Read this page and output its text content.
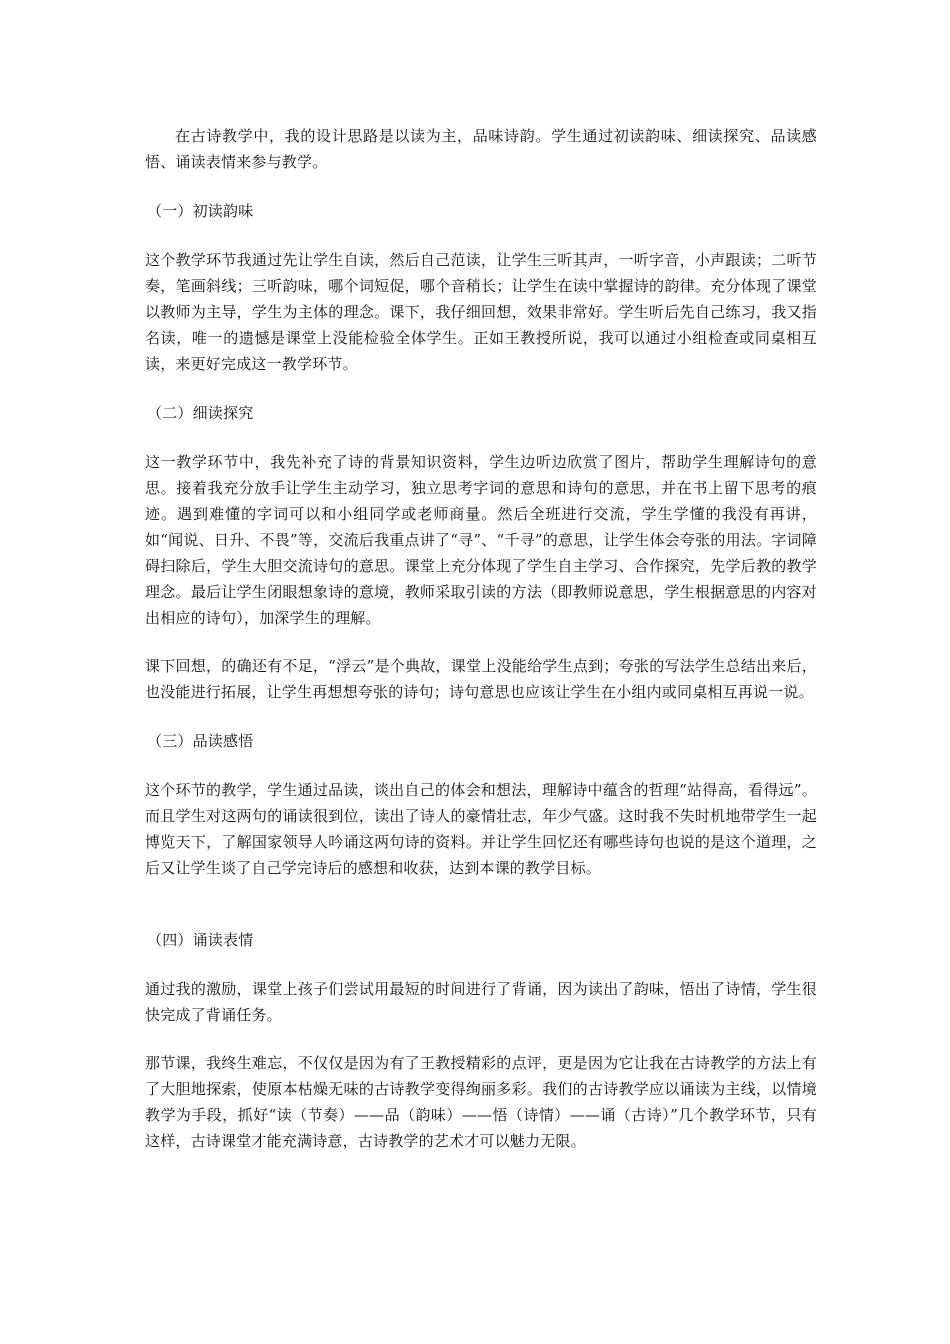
在古诗教学中，我的设计思路是以读为主，品味诗韵。学生通过初读韵味、细读探究、品读感悟、诵读表情来参与教学。

（一）初读韵味

这个教学环节我通过先让学生自读，然后自己范读，让学生三听其声，一听字音，小声跟读；二听节奏，笔画斜线；三听韵味，哪个词短促，哪个音稍长；让学生在读中掌握诗的韵律。充分体现了课堂以教师为主导，学生为主体的理念。课下，我仔细回想，效果非常好。学生听后先自己练习，我又指名读，唯一的遗憾是课堂上没能检验全体学生。正如王教授所说，我可以通过小组检查或同桌相互读，来更好完成这一教学环节。

（二）细读探究

这一教学环节中，我先补充了诗的背景知识资料，学生边听边欣赏了图片，帮助学生理解诗句的意思。接着我充分放手让学生主动学习，独立思考字词的意思和诗句的意思，并在书上留下思考的痕迹。遇到难懂的字词可以和小组同学或老师商量。然后全班进行交流，学生学懂的我没有再讲，如“闻说、日升、不畏”等，交流后我重点讲了“寻”、“千寻”的意思，让学生体会夸张的用法。字词障碍扫除后，学生大胆交流诗句的意思。课堂上充分体现了学生自主学习、合作探究，先学后教的教学理念。最后让学生闭眼想象诗的意境，教师采取引读的方法（即教师说意思，学生根据意思的内容对出相应的诗句），加深学生的理解。

课下回想，的确还有不足，“浮云”是个典故，课堂上没能给学生点到；夸张的写法学生总结出来后，也没能进行拓展，让学生再想想夸张的诗句；诗句意思也应该让学生在小组内或同桌相互再说一说。

（三）品读感悟

这个环节的教学，学生通过品读，谈出自己的体会和想法，理解诗中蕴含的哲理“站得高，看得远”。而且学生对这两句的诵读很到位，读出了诗人的豪情壮志，年少气盛。这时我不失时机地带学生一起博览天下，了解国家领导人吟诵这两句诗的资料。并让学生回忆还有哪些诗句也说的是这个道理，之后又让学生谈了自己学完诗后的感想和收获，达到本课的教学目标。

（四）诵读表情

通过我的激励，课堂上孩子们尝试用最短的时间进行了背诵，因为读出了韵味，悟出了诗情，学生很快完成了背诵任务。

那节课，我终生难忘，不仅仅是因为有了王教授精彩的点评，更是因为它让我在古诗教学的方法上有了大胆地探索，使原本枯燥无味的古诗教学变得绚丽多彩。我们的古诗教学应以诵读为主线，以情境教学为手段，抓好“读（节奏）——品（韵味）——悟（诗情）——诵（古诗）”几个教学环节，只有这样，古诗课堂才能充满诗意，古诗教学的艺术才可以魅力无限。
